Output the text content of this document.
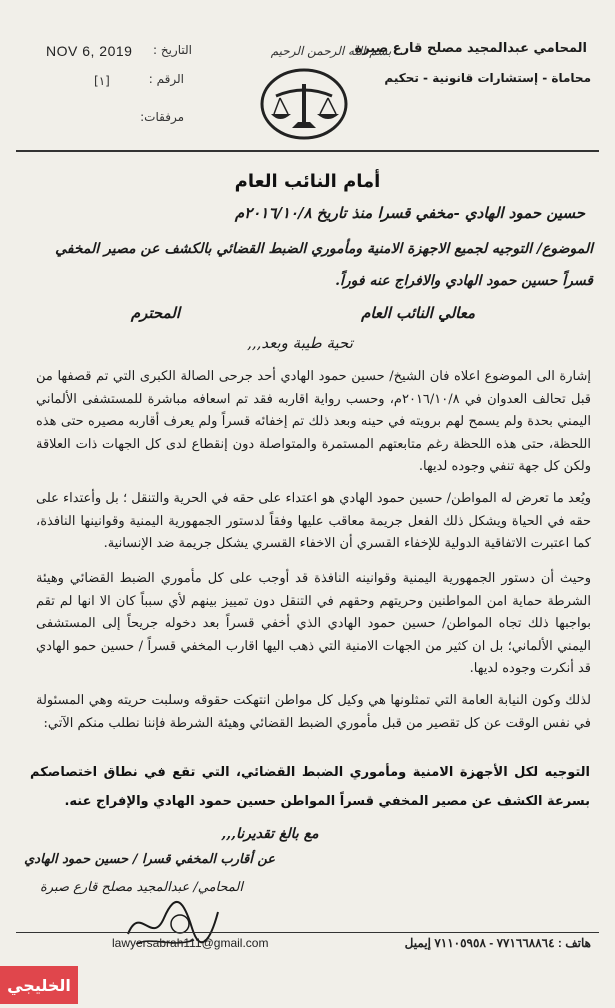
NOV 6, 2019	التاريخ :
[١]	الرقم :
مرفقات:
بسم الله الرحمن الرحيم
المحامي عبدالمجيد مصلح قارع صبرة
محاماة - إستشارات قانونية - تحكيم
أمام النائب العام
حسين حمود الهادي -مخفي قسرا منذ تاريخ ٢٠١٦/١٠/٨م
الموضوع/ التوجيه لجميع الاجهزة الامنية ومأموري الضبط القضائي بالكشف عن مصير المخفي قسراً حسين حمود الهادي والافراج عنه فوراً.
معالي النائب العام
المحترم
تحية طيبة وبعد,,,
إشارة الى الموضوع اعلاه فان الشيخ/ حسين حمود الهادي أحد جرحى الصالة الكبرى التي تم قصفها من قبل تحالف العدوان في ٢٠١٦/١٠/٨م، وحسب رواية اقاربه فقد تم اسعافه مباشرة للمستشفى الألماني اليمني بحدة ولم يسمح لهم برويته في حينه وبعد ذلك تم إخفائه قسراً ولم يعرف أقاربه مصيره حتى هذه اللحظة، حتى هذه اللحظة رغم متابعتهم المستمرة والمتواصلة دون إنقطاع لدى كل الجهات ذات العلاقة ولكن كل جهة تنفي وجوده لديها.
ويُعد ما تعرض له المواطن/ حسين حمود الهادي هو اعتداء على حقه في الحرية والتنقل ؛ بل وأعتداء على حقه في الحياة ويشكل ذلك الفعل جريمة معاقب عليها وفقاً لدستور الجمهورية اليمنية وقوانينها النافذة، كما اعتبرت الاتفاقية الدولية للإخفاء القسري أن الاخفاء القسري يشكل جريمة ضد الإنسانية.
وحيث أن دستور الجمهورية اليمنية وقوانينه النافذة قد أوجب على كل مأموري الضبط القضائي وهيئة الشرطة حماية امن المواطنين وحريتهم وحقهم في التنقل دون تمييز بينهم لأي سبباً كان الا انها لم تقم بواجبها ذلك تجاه المواطن/ حسين حمود الهادي الذي أخفي قسراً بعد دخوله جريحاً إلى المستشفى اليمني الألماني؛ بل ان كثير من الجهات الامنية التي ذهب اليها اقارب المخفي قسراً / حسين حمو الهادي قد أنكرت وجوده لديها.
لذلك وكون النيابة العامة التي تمثلونها هي وكيل كل مواطن انتهكت حقوقه وسلبت حريته وهي المسئولة في نفس الوقت عن كل تقصير من قبل مأموري الضبط القضائي وهيئة الشرطة فإننا نطلب منكم الآتي:
التوجيه لكل الأجهزة الامنية ومأموري الضبط القضائي، التي تقع في نطاق اختصاصكم بسرعة الكشف عن مصير المخفي قسراً المواطن حسين حمود الهادي والإفراج عنه.
مع بالغ تقديرنا,,,
عن أقارب المخفي قسرا / حسين حمود الهادي
المحامي/ عبدالمجيد مصلح قارع صبرة
lawyersabrah111@gmail.com	هاتف : ٧٧١٦٦٨٨٦٤ - ٧١١٠٥٩٥٨ إيميل
الخليجي
